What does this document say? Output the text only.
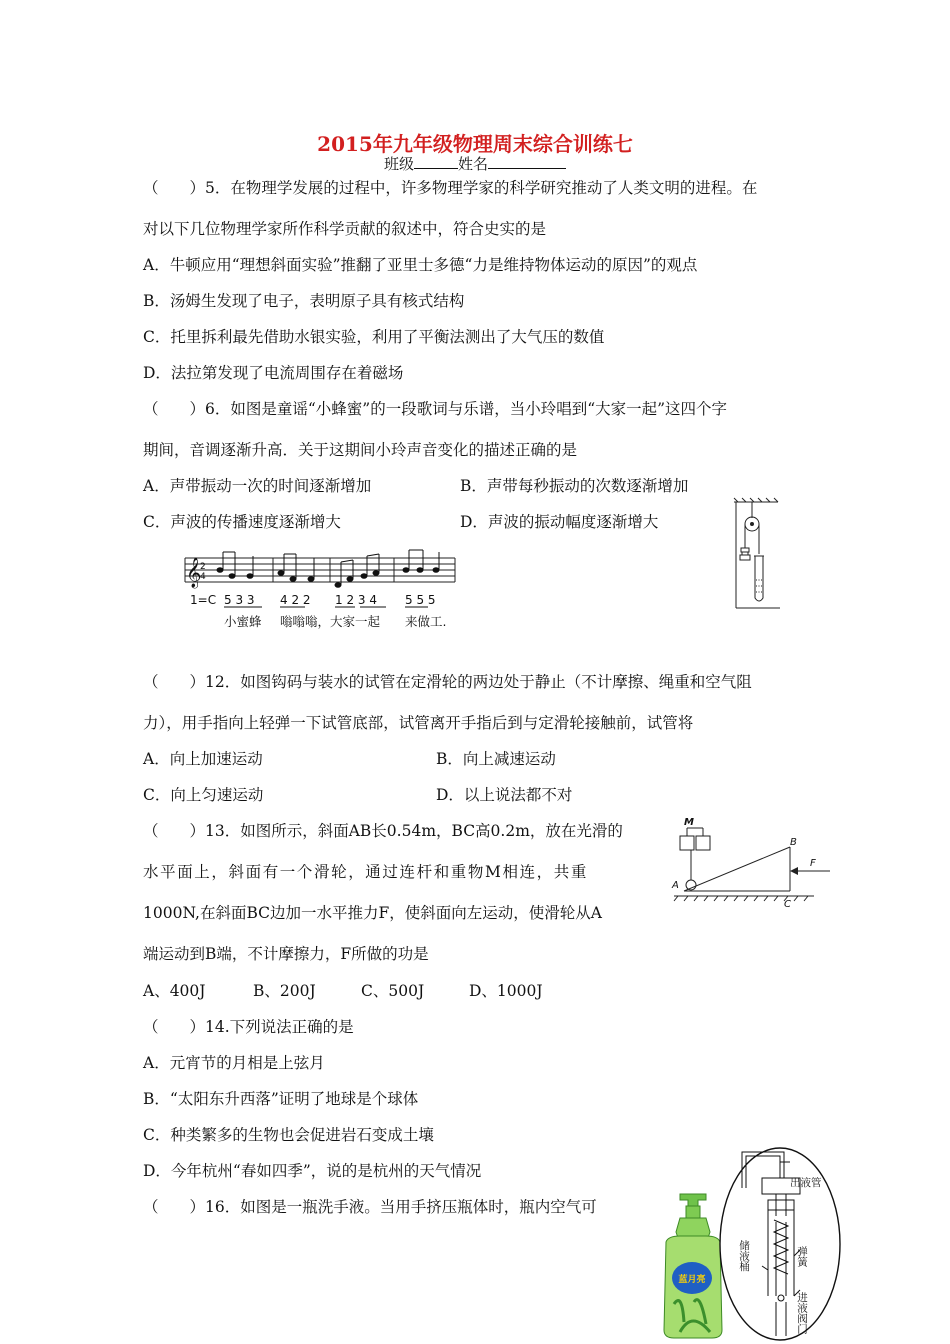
2015年九年级物理周末综合训练七
班级	姓名
（　　）5．在物理学发展的过程中，许多物理学家的科学研究推动了人类文明的进程。在
对以下几位物理学家所作科学贡献的叙述中，符合史实的是
A．牛顿应用“理想斜面实验”推翻了亚里士多德“力是维持物体运动的原因”的观点
B．汤姆生发现了电子，表明原子具有核式结构
C．托里拆利最先借助水银实验，利用了平衡法测出了大气压的数值
D．法拉第发现了电流周围存在着磁场
（　　）6．如图是童谣“小蜂蜜”的一段歌词与乐谱，当小玲唱到“大家一起”这四个字
期间，音调逐渐升高．关于这期间小玲声音变化的描述正确的是
A．声带振动一次的时间逐渐增加	B．声带每秒振动的次数逐渐增加
C．声波的传播速度逐渐增大	D．声波的振动幅度逐渐增大
𝄞
2
4
1=C 5 3 3 4 2 2 1 2 3 4 5 5 5
小蜜蜂 嗡嗡嗡，大家一起 来做工.
（　　）12．如图钩码与装水的试管在定滑轮的两边处于静止（不计摩擦、绳重和空气阻
力），用手指向上轻弹一下试管底部，试管离开手指后到与定滑轮接触前，试管将
A．向上加速运动	B．向上减速运动
C．向上匀速运动	D．以上说法都不对
（　　）13．如图所示，斜面AB长0.54m，BC高0.2m，放在光滑的
水平面上，斜面有一个滑轮，通过连杆和重物M相连，共重
1000N,在斜面BC边加一水平推力F，使斜面向左运动，使滑轮从A
端运动到B端，不计摩擦力，F所做的功是
A、400J	B、200J	C、500J	D、1000J
M
A
B
C
F
（　　）14.下列说法正确的是
A．元宵节的月相是上弦月
B．“太阳东升西落”证明了地球是个球体
C．种类繁多的生物也会促进岩石变成土壤
D．今年杭州“春如四季”，说的是杭州的天气情况
（　　）16．如图是一瓶洗手液。当用手挤压瓶体时，瓶内空气可
蓝月亮
出液管
储液桶	弹簧
进液阀门
